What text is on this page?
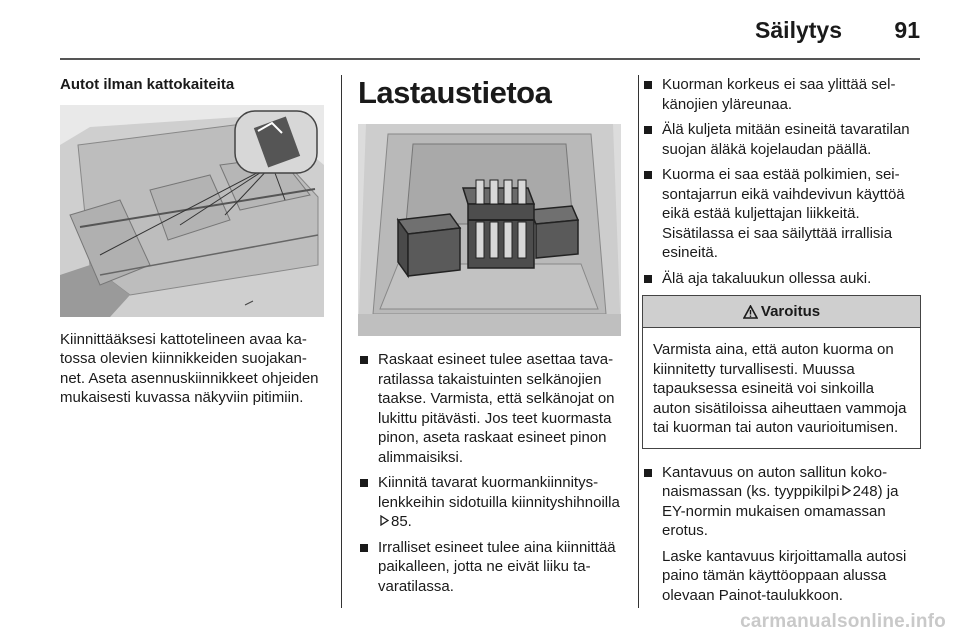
Säilytys 91
Autot ilman kattokaiteita

Kiinnittääksesi kattotelineen avaa katossa olevien kiinnikkeiden suojakannet. Aseta asennuskiinnikkeet ohjeiden mukaisesti kuvassa näkyviin pitimiin.

Lastaustietoa
Raskaat esineet tulee asettaa tavaratilassa takaistuinten selkänojien taakse. Varmista, että selkänojat on lukittu pitävästi. Jos teet kuormasta pinon, aseta raskaat esineet pinon alimmaisiksi.
Kiinnitä tavarat kuormankiinnityslenkkeihin sidotuilla kiinnityshihnoilla85.
Irralliset esineet tulee aina kiinnittää paikalleen, jotta ne eivät liiku tavaratilassa.
Kuorman korkeus ei saa ylittää selkänojien yläreunaa.
Älä kuljeta mitään esineitä tavaratilan suojan äläkä kojelaudan päällä.
Kuorma ei saa estää polkimien, seisontajarrun eikä vaihdevivun käyttöä eikä estää kuljettajan liikkeitä. Sisätilassa ei saa säilyttää irrallisia esineitä.
Älä aja takaluukun ollessa auki.
Varoitus
Varmista aina, että auton kuorma on kiinnitetty turvallisesti. Muussa tapauksessa esineitä voi sinkoilla auton sisätiloissa aiheuttaen vammoja tai kuorman tai auton vaurioitumisen.
Kantavuus on auton sallitun kokonaismassan (ks. tyyppikilpi 248) ja EY-normin mukaisen omamassan erotus.

Laske kantavuus kirjoittamalla autosi paino tämän käyttöoppaan alussa olevaan Painot-taulukkoon.

carmanualsonline.info
